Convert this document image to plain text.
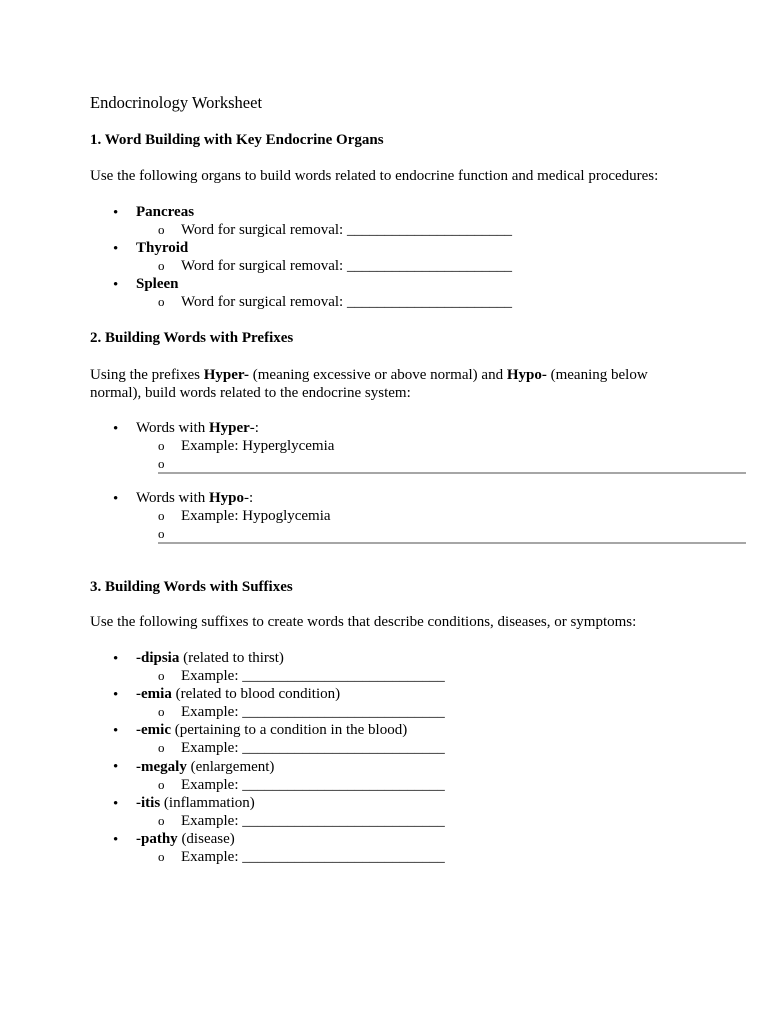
Endocrinology Worksheet
1. Word Building with Key Endocrine Organs
Use the following organs to build words related to endocrine function and medical procedures:
• Pancreas
o Word for surgical removal: ______________________
• Thyroid
o Word for surgical removal: ______________________
• Spleen
o Word for surgical removal: ______________________
2. Building Words with Prefixes
Using the prefixes Hyper- (meaning excessive or above normal) and Hypo- (meaning below
normal), build words related to the endocrine system:
• Words with Hyper-:
o Example: Hyperglycemia
o
• Words with Hypo-:
o Example: Hypoglycemia
o
3. Building Words with Suffixes
Use the following suffixes to create words that describe conditions, diseases, or symptoms:
• -dipsia (related to thirst)
o Example: ___________________________
• -emia (related to blood condition)
o Example: ___________________________
• -emic (pertaining to a condition in the blood)
o Example: ___________________________
• -megaly (enlargement)
o Example: ___________________________
• -itis (inflammation)
o Example: ___________________________
• -pathy (disease)
o Example: ___________________________
